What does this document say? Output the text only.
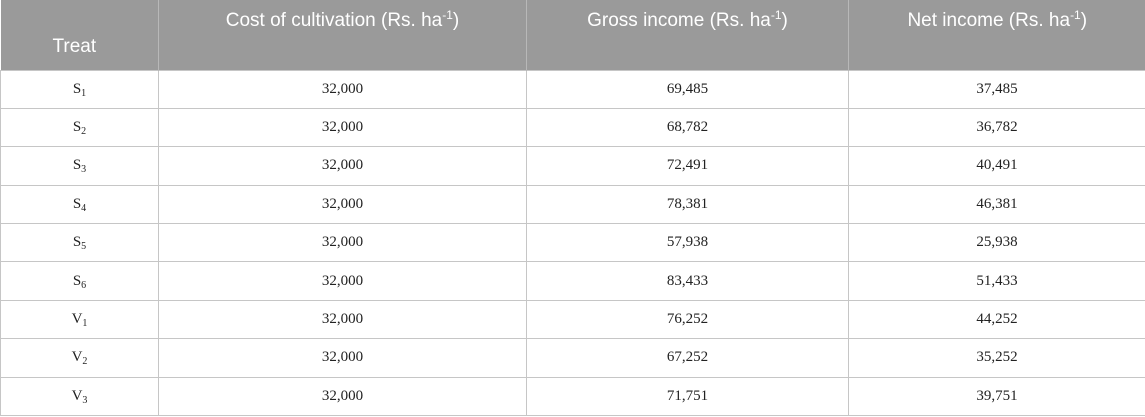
Treat	Cost of cultivation (Rs. $ha^{-1}$)	Gross income (Rs. $ha^{-1}$)	Net income (Rs. $ha^{-1}$)
$S_1$	32,000	69,485	37,485
$S_2$	32,000	68,782	36,782
$S_3$	32,000	72,491	40,491
$S_4$	32,000	78,381	46,381
$S_5$	32,000	57,938	25,938
$S_6$	32,000	83,433	51,433
$V_1$	32,000	76,252	44,252
$V_2$	32,000	67,252	35,252
$V_3$	32,000	71,751	39,751
